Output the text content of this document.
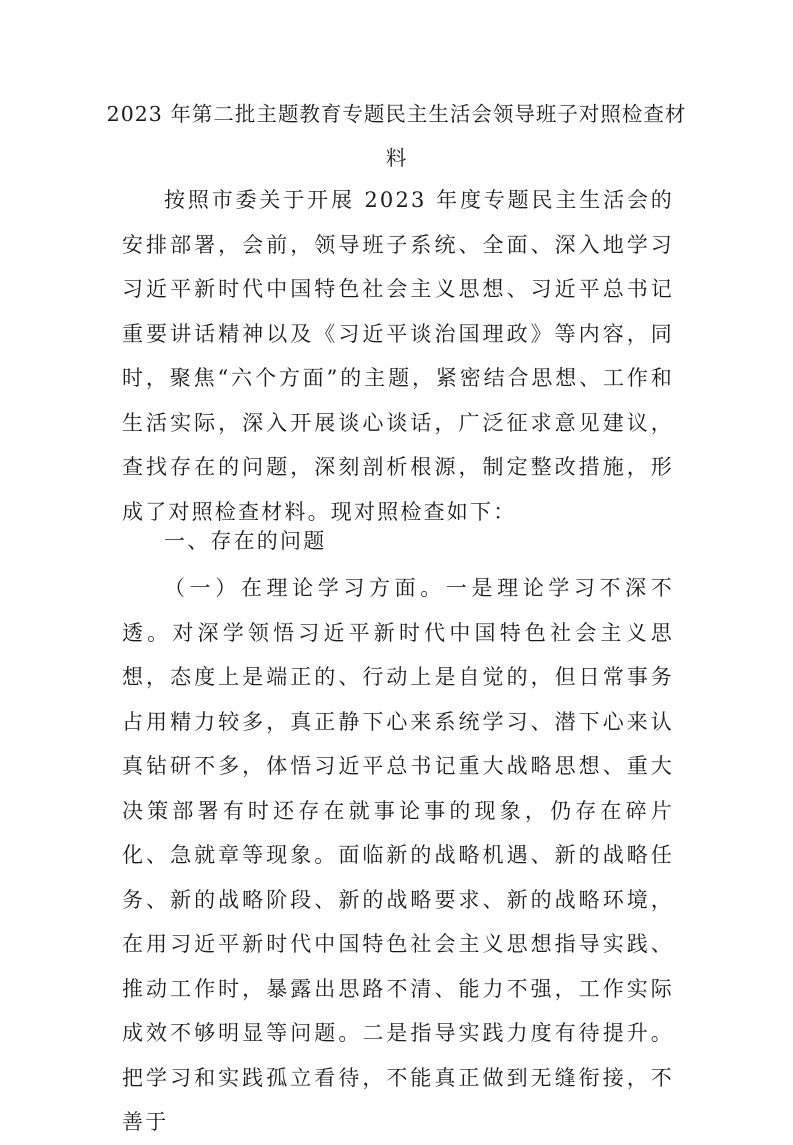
2023 年第二批主题教育专题民主生活会领导班子对照检查材料

按照市委关于开展 2023 年度专题民主生活会的安排部署，会前，领导班子系统、全面、深入地学习习近平新时代中国特色社会主义思想、习近平总书记重要讲话精神以及《习近平谈治国理政》等内容，同时，聚焦“六个方面”的主题，紧密结合思想、工作和生活实际，深入开展谈心谈话，广泛征求意见建议，查找存在的问题，深刻剖析根源，制定整改措施，形成了对照检查材料。现对照检查如下：

一、存在的问题

（一）在理论学习方面。一是理论学习不深不透。对深学领悟习近平新时代中国特色社会主义思想，态度上是端正的、行动上是自觉的，但日常事务占用精力较多，真正静下心来系统学习、潜下心来认真钻研不多，体悟习近平总书记重大战略思想、重大决策部署有时还存在就事论事的现象，仍存在碎片化、急就章等现象。面临新的战略机遇、新的战略任务、新的战略阶段、新的战略要求、新的战略环境，在用习近平新时代中国特色社会主义思想指导实践、推动工作时，暴露出思路不清、能力不强，工作实际成效不够明显等问题。二是指导实践力度有待提升。把学习和实践孤立看待，不能真正做到无缝衔接，不善于
